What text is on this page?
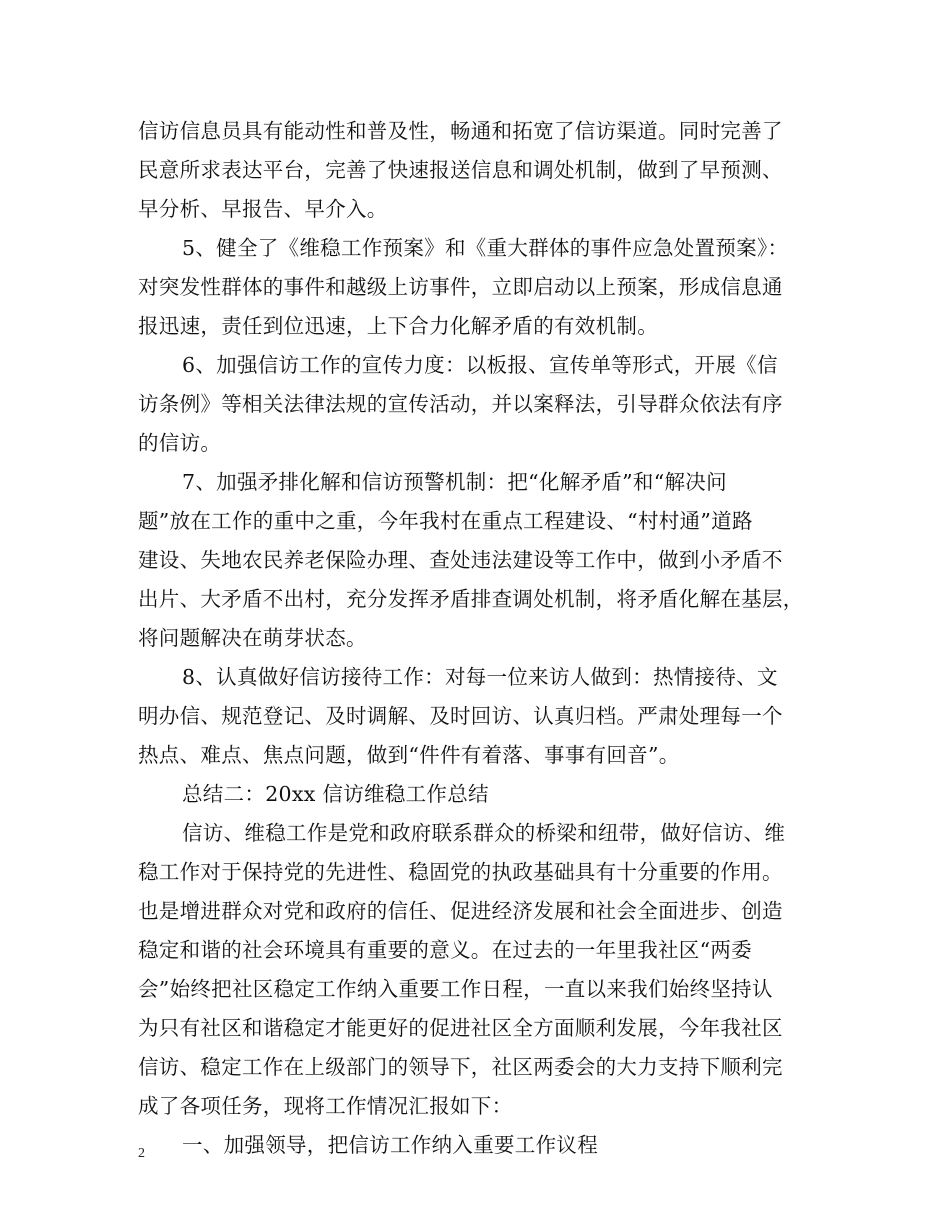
信访信息员具有能动性和普及性，畅通和拓宽了信访渠道。同时完善了
民意所求表达平台，完善了快速报送信息和调处机制，做到了早预测、
早分析、早报告、早介入。
5、健全了《维稳工作预案》和《重大群体的事件应急处置预案》：
对突发性群体的事件和越级上访事件，立即启动以上预案，形成信息通
报迅速，责任到位迅速，上下合力化解矛盾的有效机制。
6、加强信访工作的宣传力度：以板报、宣传单等形式，开展《信
访条例》等相关法律法规的宣传活动，并以案释法，引导群众依法有序
的信访。
7、加强矛排化解和信访预警机制：把“化解矛盾”和“解决问
题”放在工作的重中之重，今年我村在重点工程建设、“村村通”道路
建设、失地农民养老保险办理、查处违法建设等工作中，做到小矛盾不
出片、大矛盾不出村，充分发挥矛盾排查调处机制，将矛盾化解在基层，
将问题解决在萌芽状态。
8、认真做好信访接待工作：对每一位来访人做到：热情接待、文
明办信、规范登记、及时调解、及时回访、认真归档。严肃处理每一个
热点、难点、焦点问题，做到“件件有着落、事事有回音”。
总结二：20xx 信访维稳工作总结
信访、维稳工作是党和政府联系群众的桥梁和纽带，做好信访、维
稳工作对于保持党的先进性、稳固党的执政基础具有十分重要的作用。
也是增进群众对党和政府的信任、促进经济发展和社会全面进步、创造
稳定和谐的社会环境具有重要的意义。在过去的一年里我社区“两委
会”始终把社区稳定工作纳入重要工作日程，一直以来我们始终坚持认
为只有社区和谐稳定才能更好的促进社区全方面顺利发展，今年我社区
信访、稳定工作在上级部门的领导下，社区两委会的大力支持下顺利完
成了各项任务，现将工作情况汇报如下：
一、加强领导，把信访工作纳入重要工作议程
2
